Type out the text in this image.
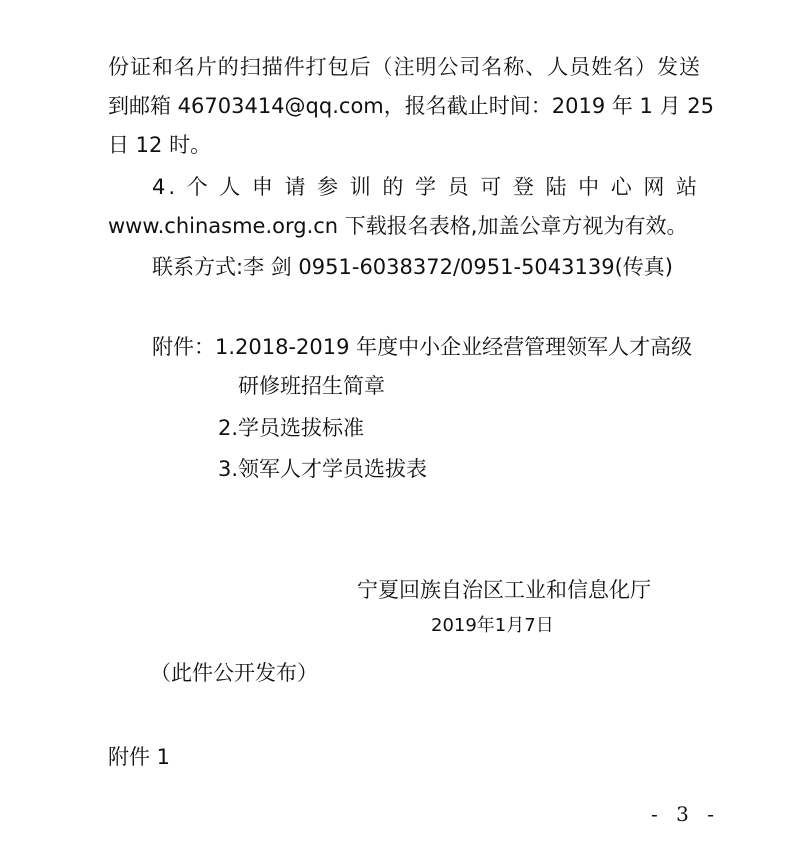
份证和名片的扫描件打包后（注明公司名称、人员姓名）发送
到邮箱 46703414@qq.com，报名截止时间：2019 年 1 月 25
日 12 时。
4.个人申请参训的学员可登陆中心网站
www.chinasme.org.cn 下载报名表格,加盖公章方视为有效。
联系方式:李 剑 0951-6038372/0951-5043139(传真)
附件：1.2018-2019 年度中小企业经营管理领军人才高级
研修班招生简章
2.学员选拔标准
3.领军人才学员选拔表
宁夏回族自治区工业和信息化厅
2019年1月7日
（此件公开发布）
附件 1
- 3 -
